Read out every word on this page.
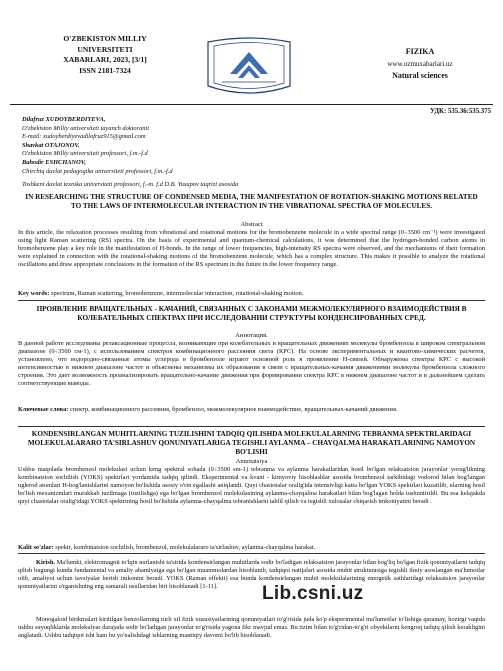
O'ZBEKISTON MILLIY
UNIVERSITETI
XABARLARI, 2023, [3/1]
ISSN 2181-7324
FIZIKA
www.uzmuxabarlari.uz
Natural sciences
УДК: 535.36:535.375
Dilafruz XUDOYBERDIYEVA,
O'zbekiston Milliy universiteti tayanch doktoranti
E-mail: xudoyberdiyevadilafruz915@gmail.com
Shavkat OTAJONOV,
O'zbekiston Milliy universiteti professori, f.m.-f.d
Bahodir ESHCHANOV,
Chirchiq davlat pedagogika universiteti professori, f.m.-f.d
Toshkent davlat texnika universiteti professori, f.-m. f.d D.B. Yusupov taqrizi asosida
IN RESEARCHING THE STRUCTURE OF CONDENSED MEDIA, THE MANIFESTATION OF ROTATION-SHAKING MOTIONS RELATED TO THE LAWS OF INTERMOLECULAR INTERACTION IN THE VIBRATIONAL SPECTRA OF MOLECULES.
Abstract
In this article, the relaxation processes resulting from vibrational and rotational motions for the bromobenzene molecule in a wide spectral range (0÷3500 cm⁻¹) were investigated using light Raman scattering (RS) spectra. On the basis of experimental and quantum-chemical calculations, it was determined that the hydrogen-bonded carbon atoms in bromobenzene play a key role in the manifestation of H-bonds. In the range of lower frequencies, high-intensity RS spectra were observed, and the mechanisms of their formation were explained in connection with the rotational-shaking motions of the bromobenzene molecule, which has a complex structure. This makes it possible to analyze the rotational oscillations and draw appropriate conclusions in the formation of the RS spectrum in the future in the lower frequency range.
Key words: spectrum, Raman scattering, bromobenzene, intermolecular interaction, rotational-shaking motion.
ПРОЯВЛЕНИЕ ВРАЩАТЕЛЬНЫХ - КАЧАНИЙ, СВЯЗАННЫХ С ЗАКОНАМИ МЕЖМОЛЕКУЛЯРНОГО ВЗАИМОДЕЙСТВИЯ В КОЛЕБАТЕЛЬНЫХ СПЕКТРАХ ПРИ ИССЛЕДОВАНИИ СТРУКТУРЫ КОНДЕНСИРОВАННЫХ СРЕД.
Аннотация.
В данной работе исследованы релаксационные процессы, возникающие при колебательных и вращательных движениях молекулы бромбензола в широком спектральном диапазоне (0÷3500 см-1), с использованием спектров комбинационного рассеяния света (КРС). На основе экспериментальных и квантово-химических расчетов, установлено, что водородно-связанные атомы углерода в бромбензоле играют основной роль в проявлении Н-связей. Обнаружены спектры КРС с высокой интенсивностью в нижнем диапазоне частот и объяснены механизмы их образования в связи с вращательных-качания движениями молекулы бромбензола сложного строения. Это дает возможность проанализировать вращательно-качание движения при формировании спектра КРС в нижнем диапазоне частот и в дальнейшем сделать соответствующие выводы.
Ключевые слова: спектр, комбинационного рассеяния, бромбензол, межмолекулярное взаимодействие, вращательных-качаний движения.
KONDENSIRLANGAN MUHITLARNING TUZILISHINI TADQIQ QILISHDA MOLEKULALARNING TEBRANMA SPEKTRLARIDAGI MOLEKULALARARO TA'SIRLASHUV QONUNIYATLARIGA TEGISHLI AYLANMA – CHAYQALMA HARAKATLARINING NAMOYON BO'LISHI
Annotatsiya
Ushbu maqolada brombenzol molekulasi uchun keng spektral sohada (0÷3500 sm-1) tebranma va aylanma harakatlaridan hosil bo'lgan relaksatsion jarayonlar yorug'likning kombinatsion sochilish (YOKS) spektrlari yordamida tadqiq qilindi. Eksperimental va kvant - kimyoviy hisoblashlar asosida brombenzol tarkibidagi vodorod bilan bog'langan uglerod atomlari H-bog'lanishlarini namoyon bo'lishida asosiy o'rin egallashi aniqlandi. Quyi chastotalar oralig'ida intensivligi katta bo'lgan YOKS spektrlari kuzatilib, ularning hosil bo'lish mexanizmlari murakkab tuzilmaga (tuzilishga) ega bo'lgan brombenzol molekulasining aylanma-chayqalma harakatlari bilan bog'lagan holda tushuntirildi. Bu esa kelajakda quyi chastotalar oralig'idagi YOKS spektrining hosil bo'lishida aylanma-chayqalma tebranishlarni tahlil qilish va tegishli xulosalar chiqarish imkoniyatini beradi .
Kalit so'zlar: spektr, kombinatsion sochilish, brombenzol, molekulalararo ta'sirlashuv, aylanma-chayqalma harakat.
Kirish. Ma'lumki, elektromagnit to'lqin nurlanishi ta'sirida kondensirlangan muhitlarda sodir bo'ladigan relaksatsion jarayonlar bilan bog'liq bo'lgan fizik qonuniyatlarni tadqiq qilish bugungi kunda fundamental va amaliy ahamiyatga ega bo'lgan muammolardan hisoblanib, tadqiqot natijalari asosida muhit strukturasiga tegishli ilmiy asoslangan ma'lumotlar olib, amaliyot uchun tavsiyalar berish imkonini beradi. YOKS (Raman effekti) esa bunda kondensirlangan muhit molekulalarining energetik sathlaridagi relaksatsion jarayonlar qonuniyatlarini o'rganishning eng samarali usullaridan biri hisoblanadi [1-11].
Monogaloid birikmalari kiritilgan benzollarning turli xil fizik xususiyatlarining qonuniyatlari to'g'risida juda ko'p eksperimental ma'lumotlar to'lishiga qaramay, hozirgi vaqtda ushbu suyuqliklarda molekulyar darajada sodir bo'ladigan jarayonlar to'g'risida yagona fikr mavjud emas. Bu tizim bilan to'g'ridan-to'g'ri obyektlarni kengroq tadqiq qilish kerakligini anglatadi. Ushbu tadqiqot ishi ham bu yo'nalishdagi ishlarning mantiqiy davomi bo'lib hisoblanadi.
Lib.csni.uz
